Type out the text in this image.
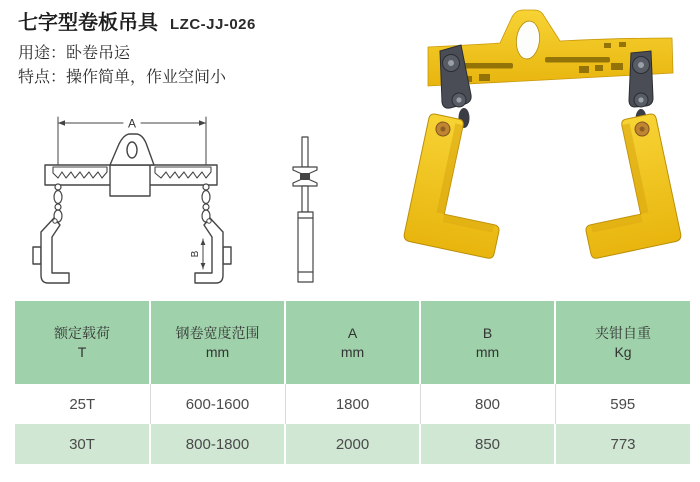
七字型卷板吊具 LZC-JJ-026
用途：卧卷吊运
特点：操作简单，作业空间小
A
B
额定载荷
T

钢卷宽度范围
mm

A
mm

B
mm

夹钳自重
Kg

25T	600-1600	1800	800	595
30T	800-1800	2000	850	773
